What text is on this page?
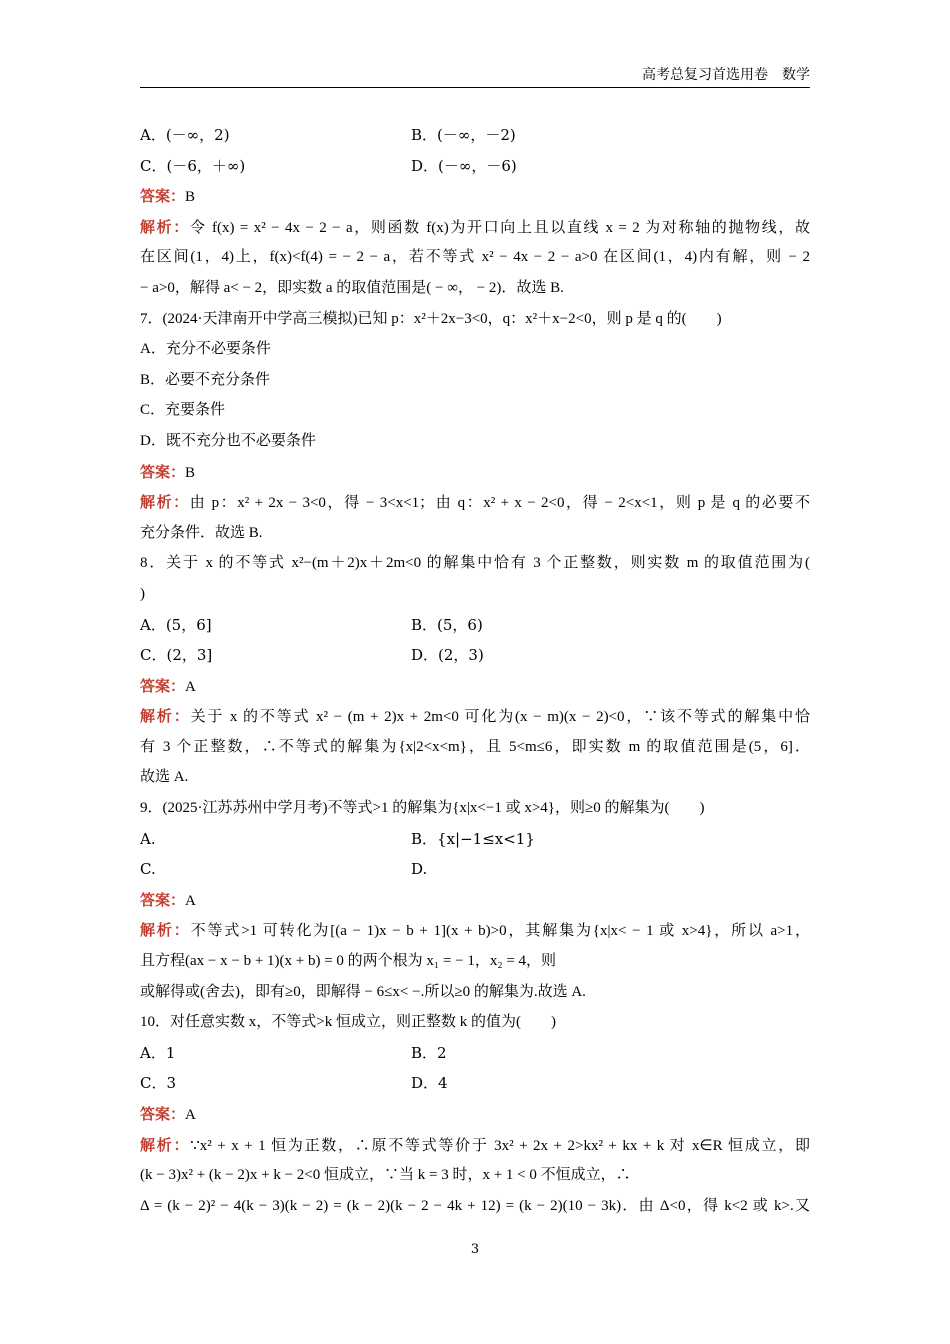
高考总复习首选用卷　数学
A．(－∞，2)	B．(－∞，－2)
C．(－6，＋∞)	D．(－∞，－6)
答案：B
解析：令 f(x) = x² − 4x − 2 − a，则函数 f(x)为开口向上且以直线 x = 2 为对称轴的抛物线，故
在区间(1，4)上，f(x)<f(4) = − 2 − a，若不等式 x² − 4x − 2 − a>0 在区间(1，4)内有解，则 − 2
− a>0，解得 a< − 2，即实数 a 的取值范围是( − ∞， − 2)．故选 B.
7．(2024·天津南开中学高三模拟)已知 p：x²＋2x−3<0，q：x²＋x−2<0，则 p 是 q 的(　　)
A．充分不必要条件
B．必要不充分条件
C．充要条件
D．既不充分也不必要条件
答案：B
解析：由 p：x² + 2x − 3<0，得 − 3<x<1；由 q：x² + x − 2<0，得 − 2<x<1，则 p 是 q 的必要不
充分条件．故选 B.
8．关于 x 的不等式 x²−(m＋2)x＋2m<0 的解集中恰有 3 个正整数，则实数 m 的取值范围为(
)
A．(5，6]	B．(5，6)
C．(2，3]	D．(2，3)
答案：A
解析：关于 x 的不等式 x² − (m + 2)x + 2m<0 可化为(x − m)(x − 2)<0，∵该不等式的解集中恰
有 3 个正整数，∴不等式的解集为{x|2<x<m}，且 5<m≤6，即实数 m 的取值范围是(5，6]．
故选 A.
9．(2025·江苏苏州中学月考)不等式>1 的解集为{x|x<−1 或 x>4}，则≥0 的解集为(　　)
A.	B．{x|−1≤x<1}
C.	D.
答案：A
解析：不等式>1 可转化为[(a − 1)x − b + 1](x + b)>0，其解集为{x|x< − 1 或 x>4}，所以 a>1，
且方程(ax − x − b + 1)(x + b) = 0 的两个根为 x₁ = − 1，x₂ = 4，则
或解得或(舍去)，即有≥0，即解得 − 6≤x< −.所以≥0 的解集为.故选 A.
10．对任意实数 x，不等式>k 恒成立，则正整数 k 的值为(　　)
A．1	B．2
C．3	D．4
答案：A
解析：∵x² + x + 1 恒为正数，∴原不等式等价于 3x² + 2x + 2>kx² + kx + k 对 x∈R 恒成立，即
(k − 3)x² + (k − 2)x + k − 2<0 恒成立，∵当 k = 3 时，x + 1 < 0 不恒成立，∴
Δ = (k − 2)² − 4(k − 3)(k − 2) = (k − 2)(k − 2 − 4k + 12) = (k − 2)(10 − 3k)．由 Δ<0，得 k<2 或 k>.又
3
